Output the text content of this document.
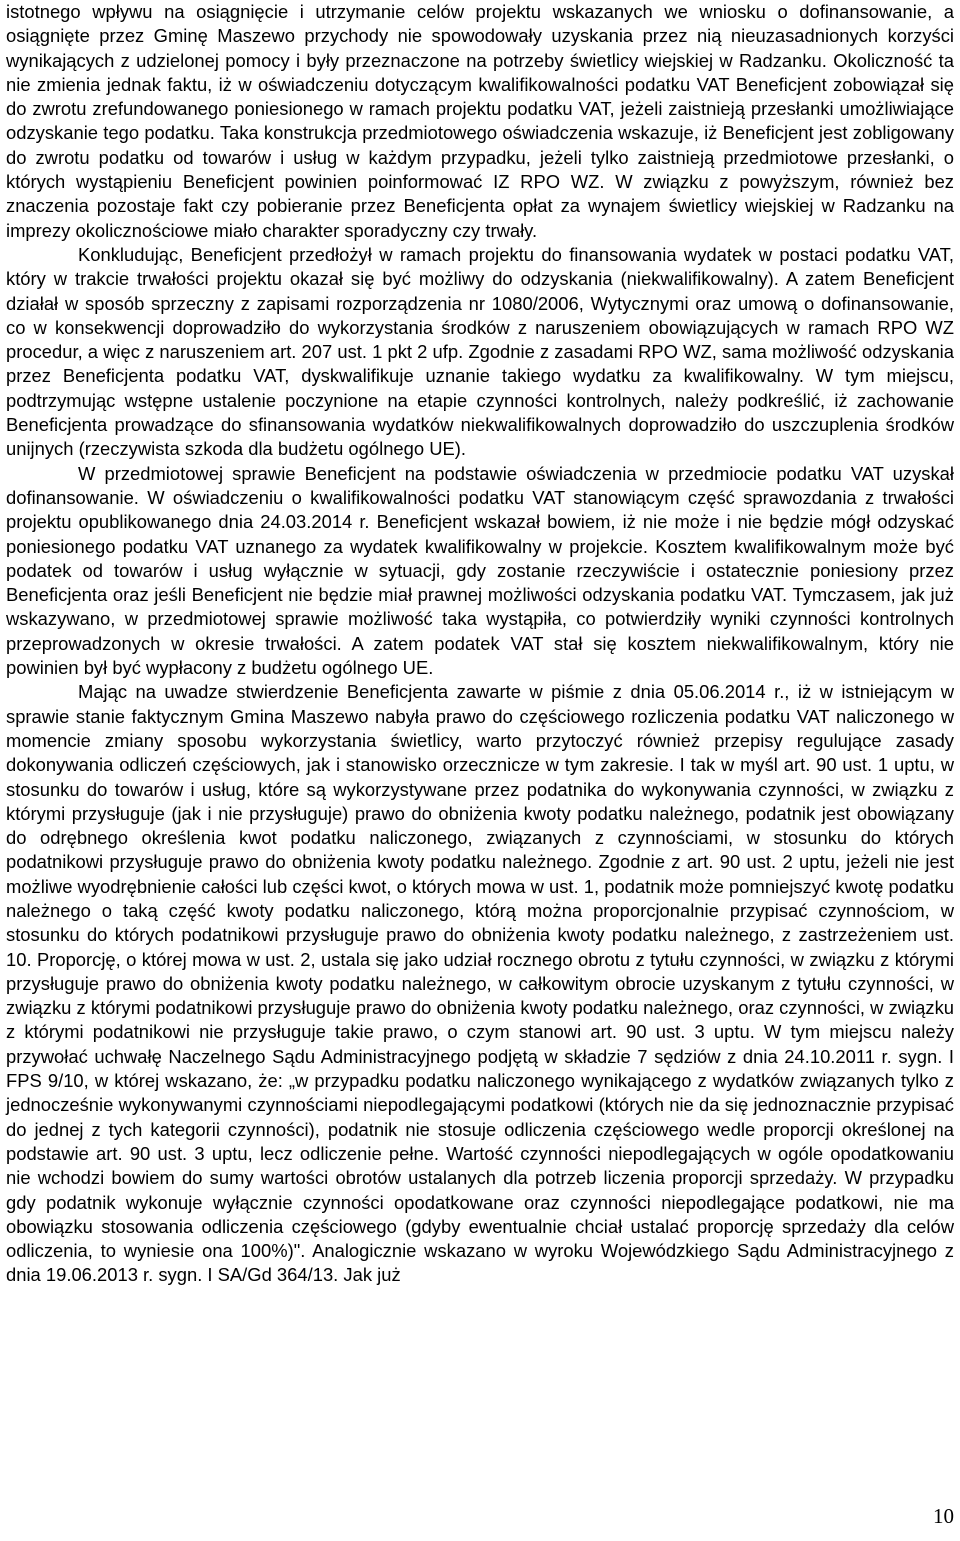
istotnego wpływu na osiągnięcie i utrzymanie celów projektu wskazanych we wniosku o dofinansowanie, a osiągnięte przez Gminę Maszewo przychody nie spowodowały uzyskania przez nią nieuzasadnionych korzyści wynikających z udzielonej pomocy i były przeznaczone na potrzeby świetlicy wiejskiej w Radzanku. Okoliczność ta nie zmienia jednak faktu, iż w oświadczeniu dotyczącym kwalifikowalności podatku VAT Beneficjent zobowiązał się do zwrotu zrefundowanego poniesionego w ramach projektu podatku VAT, jeżeli zaistnieją przesłanki umożliwiające odzyskanie tego podatku. Taka konstrukcja przedmiotowego oświadczenia wskazuje, iż Beneficjent jest zobligowany do zwrotu podatku od towarów i usług w każdym przypadku, jeżeli tylko zaistnieją przedmiotowe przesłanki, o których wystąpieniu Beneficjent powinien poinformować IZ RPO WZ. W związku z powyższym, również bez znaczenia pozostaje fakt czy pobieranie przez Beneficjenta opłat za wynajem świetlicy wiejskiej w Radzanku na imprezy okolicznościowe miało charakter sporadyczny czy trwały.

Konkludując, Beneficjent przedłożył w ramach projektu do finansowania wydatek w postaci podatku VAT, który w trakcie trwałości projektu okazał się być możliwy do odzyskania (niekwalifikowalny). A zatem Beneficjent działał w sposób sprzeczny z zapisami rozporządzenia nr 1080/2006, Wytycznymi oraz umową o dofinansowanie, co w konsekwencji doprowadziło do wykorzystania środków z naruszeniem obowiązujących w ramach RPO WZ procedur, a więc z naruszeniem art. 207 ust. 1 pkt 2 ufp. Zgodnie z zasadami RPO WZ, sama możliwość odzyskania przez Beneficjenta podatku VAT, dyskwalifikuje uznanie takiego wydatku za kwalifikowalny. W tym miejscu, podtrzymując wstępne ustalenie poczynione na etapie czynności kontrolnych, należy podkreślić, iż zachowanie Beneficjenta prowadzące do sfinansowania wydatków niekwalifikowalnych doprowadziło do uszczuplenia środków unijnych (rzeczywista szkoda dla budżetu ogólnego UE).

W przedmiotowej sprawie Beneficjent na podstawie oświadczenia w przedmiocie podatku VAT uzyskał dofinansowanie. W oświadczeniu o kwalifikowalności podatku VAT stanowiącym część sprawozdania z trwałości projektu opublikowanego dnia 24.03.2014 r. Beneficjent wskazał bowiem, iż nie może i nie będzie mógł odzyskać poniesionego podatku VAT uznanego za wydatek kwalifikowalny w projekcie. Kosztem kwalifikowalnym może być podatek od towarów i usług wyłącznie w sytuacji, gdy zostanie rzeczywiście i ostatecznie poniesiony przez Beneficjenta oraz jeśli Beneficjent nie będzie miał prawnej możliwości odzyskania podatku VAT. Tymczasem, jak już wskazywano, w przedmiotowej sprawie możliwość taka wystąpiła, co potwierdziły wyniki czynności kontrolnych przeprowadzonych w okresie trwałości. A zatem podatek VAT stał się kosztem niekwalifikowalnym, który nie powinien był być wypłacony z budżetu ogólnego UE.

Mając na uwadze stwierdzenie Beneficjenta zawarte w piśmie z dnia 05.06.2014 r., iż w istniejącym w sprawie stanie faktycznym Gmina Maszewo nabyła prawo do częściowego rozliczenia podatku VAT naliczonego w momencie zmiany sposobu wykorzystania świetlicy, warto przytoczyć również przepisy regulujące zasady dokonywania odliczeń częściowych, jak i stanowisko orzecznicze w tym zakresie. I tak w myśl art. 90 ust. 1 uptu, w stosunku do towarów i usług, które są wykorzystywane przez podatnika do wykonywania czynności, w związku z którymi przysługuje (jak i nie przysługuje) prawo do obniżenia kwoty podatku należnego, podatnik jest obowiązany do odrębnego określenia kwot podatku naliczonego, związanych z czynnościami, w stosunku do których podatnikowi przysługuje prawo do obniżenia kwoty podatku należnego. Zgodnie z art. 90 ust. 2 uptu, jeżeli nie jest możliwe wyodrębnienie całości lub części kwot, o których mowa w ust. 1, podatnik może pomniejszyć kwotę podatku należnego o taką część kwoty podatku naliczonego, którą można proporcjonalnie przypisać czynnościom, w stosunku do których podatnikowi przysługuje prawo do obniżenia kwoty podatku należnego, z zastrzeżeniem ust. 10. Proporcję, o której mowa w ust. 2, ustala się jako udział rocznego obrotu z tytułu czynności, w związku z którymi przysługuje prawo do obniżenia kwoty podatku należnego, w całkowitym obrocie uzyskanym z tytułu czynności, w związku z którymi podatnikowi przysługuje prawo do obniżenia kwoty podatku należnego, oraz czynności, w związku z którymi podatnikowi nie przysługuje takie prawo, o czym stanowi art. 90 ust. 3 uptu. W tym miejscu należy przywołać uchwałę Naczelnego Sądu Administracyjnego podjętą w składzie 7 sędziów z dnia 24.10.2011 r. sygn. I FPS 9/10, w której wskazano, że: „w przypadku podatku naliczonego wynikającego z wydatków związanych tylko z jednocześnie wykonywanymi czynnościami niepodlegającymi podatkowi (których nie da się jednoznacznie przypisać do jednej z tych kategorii czynności), podatnik nie stosuje odliczenia częściowego wedle proporcji określonej na podstawie art. 90 ust. 3 uptu, lecz odliczenie pełne. Wartość czynności niepodlegających w ogóle opodatkowaniu nie wchodzi bowiem do sumy wartości obrotów ustalanych dla potrzeb liczenia proporcji sprzedaży. W przypadku gdy podatnik wykonuje wyłącznie czynności opodatkowane oraz czynności niepodlegające podatkowi, nie ma obowiązku stosowania odliczenia częściowego (gdyby ewentualnie chciał ustalać proporcję sprzedaży dla celów odliczenia, to wyniesie ona 100%)". Analogicznie wskazano w wyroku Wojewódzkiego Sądu Administracyjnego z dnia 19.06.2013 r. sygn. I SA/Gd 364/13. Jak już

10
